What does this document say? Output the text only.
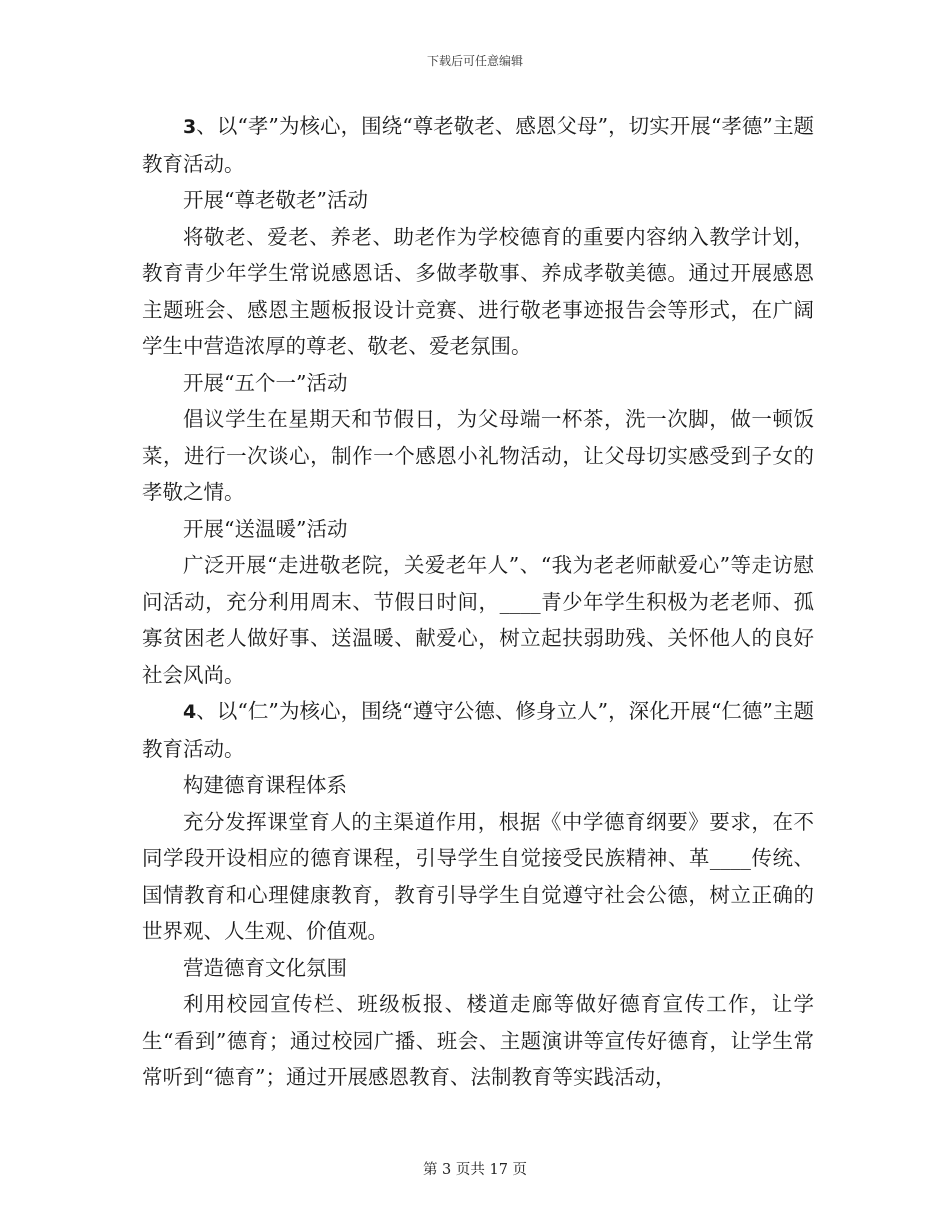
下载后可任意编辑

3、以“孝”为核心，围绕“尊老敬老、感恩父母”，切实开展“孝德”主题教育活动。

开展“尊老敬老”活动

将敬老、爱老、养老、助老作为学校德育的重要内容纳入教学计划，教育青少年学生常说感恩话、多做孝敬事、养成孝敬美德。通过开展感恩主题班会、感恩主题板报设计竞赛、进行敬老事迹报告会等形式，在广阔学生中营造浓厚的尊老、敬老、爱老氛围。

开展“五个一”活动

倡议学生在星期天和节假日，为父母端一杯茶，洗一次脚，做一顿饭菜，进行一次谈心，制作一个感恩小礼物活动，让父母切实感受到子女的孝敬之情。

开展“送温暖”活动

广泛开展“走进敬老院，关爱老年人”、“我为老老师献爱心”等走访慰问活动，充分利用周末、节假日时间，____青少年学生积极为老老师、孤寡贫困老人做好事、送温暖、献爱心，树立起扶弱助残、关怀他人的良好社会风尚。

4、以“仁”为核心，围绕“遵守公德、修身立人”，深化开展“仁德”主题教育活动。

构建德育课程体系

充分发挥课堂育人的主渠道作用，根据《中学德育纲要》要求，在不同学段开设相应的德育课程，引导学生自觉接受民族精神、革____传统、国情教育和心理健康教育，教育引导学生自觉遵守社会公德，树立正确的世界观、人生观、价值观。

营造德育文化氛围

利用校园宣传栏、班级板报、楼道走廊等做好德育宣传工作，让学生“看到”德育；通过校园广播、班会、主题演讲等宣传好德育，让学生常常听到“德育”；通过开展感恩教育、法制教育等实践活动，

第 3 页共 17 页
